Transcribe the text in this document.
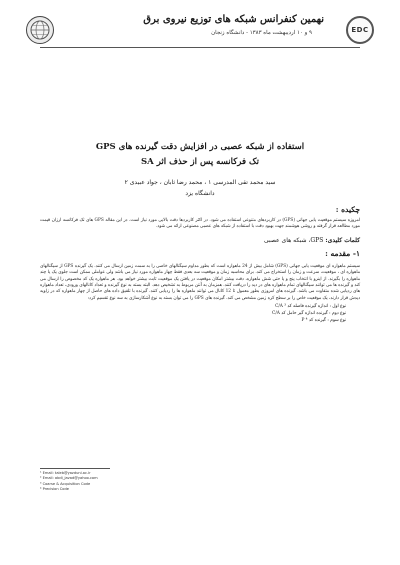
نهمین کنفرانس شبکه های توزیع نیروی برق
۹ و ۱۰ اردیبهشت ماه ۱۳۸۳ - دانشگاه زنجان	EDC

استفاده از شبکه عصبی در افزایش دقت گیرنده های GPS

تک فرکانسه پس از حذف اثر SA

سید محمد تقی المدرسی ۱ ، محمد رضا ثابان ، جواد عبیدی ۲
دانشگاه یزد
چکیده :
امروزه سیستم موقعیت یابی جهانی (GPS) در کاربردهای متنوعی استفاده می شود. در اکثر کاربردها دقت بالایی مورد نیاز است. در این مقاله GPS های تک فرکانسه ارزان قیمت مورد مطالعه قرار گرفته و روشی هوشمند جهت بهبود دقت با استفاده از شبکه های عصبی مصنوعی ارائه می شود.
کلمات کلیدی: GPS، شبکه های عصبی
۱- مقدمه :
سیستم ماهواره ای موقعیت یابی جهانی (GPS) شامل بیش از 24 ماهواره است که بطور مداوم سیگنالهای خاصی را به سمت زمین ارسال می کنند. یک گیرنده GPS از سیگنالهای ماهواره ای ، موقعیت، سرعت و زمان را استخراج می کند. برای محاسبه زمان و موقعیت سه بعدی فقط چهار ماهواره مورد نیاز می باشد ولی عواملی ممکن است جلوی یک یا چند ماهواره را بگیرند. از اینرو با انتخاب پنج و یا حتی شش ماهواره، دقت بیشتر امکان موقعیت در یافتن یک موقعیت ثابت بیشتر خواهد بود. هر ماهواره یک کد مخصوص را ارسال می کند و گیرنده ها می توانند سیگنالهای تمام ماهواره های در دید را دریافت کنند. همزمان به آنتن مربوط به تشخیص دهد. البته بسته به نوع گیرنده و تعداد کانالهای ورودی، تعداد ماهواره های ردیابی شده متفاوت می باشد. گیرنده های امروزی بطور معمول تا 12 کانال می توانند ماهواره ها را ردیابی کنند. گیرنده با تلفیق داده های حاصل از چهار ماهواره که در زاویه دیدش قرار دارند، یک موقعیت خاص را بر سطح کره زمین مشخص می کند. گیرنده های GPS را می توان بسته به نوع آشکارسازی به سه نوع تقسیم کرد:
نوع اول : اندازه گیرنده فاصله کد C/A ³
نوع دوم : گیرنده اندازه گیر حامل کد C/A
نوع سوم : گیرنده کد P ⁴
¹ Email: taleb@yazduni.ac.ir
² Email: abdi_javad@yahoo.com
³ Coarse & Acquisition Code
⁴ Precision Code
